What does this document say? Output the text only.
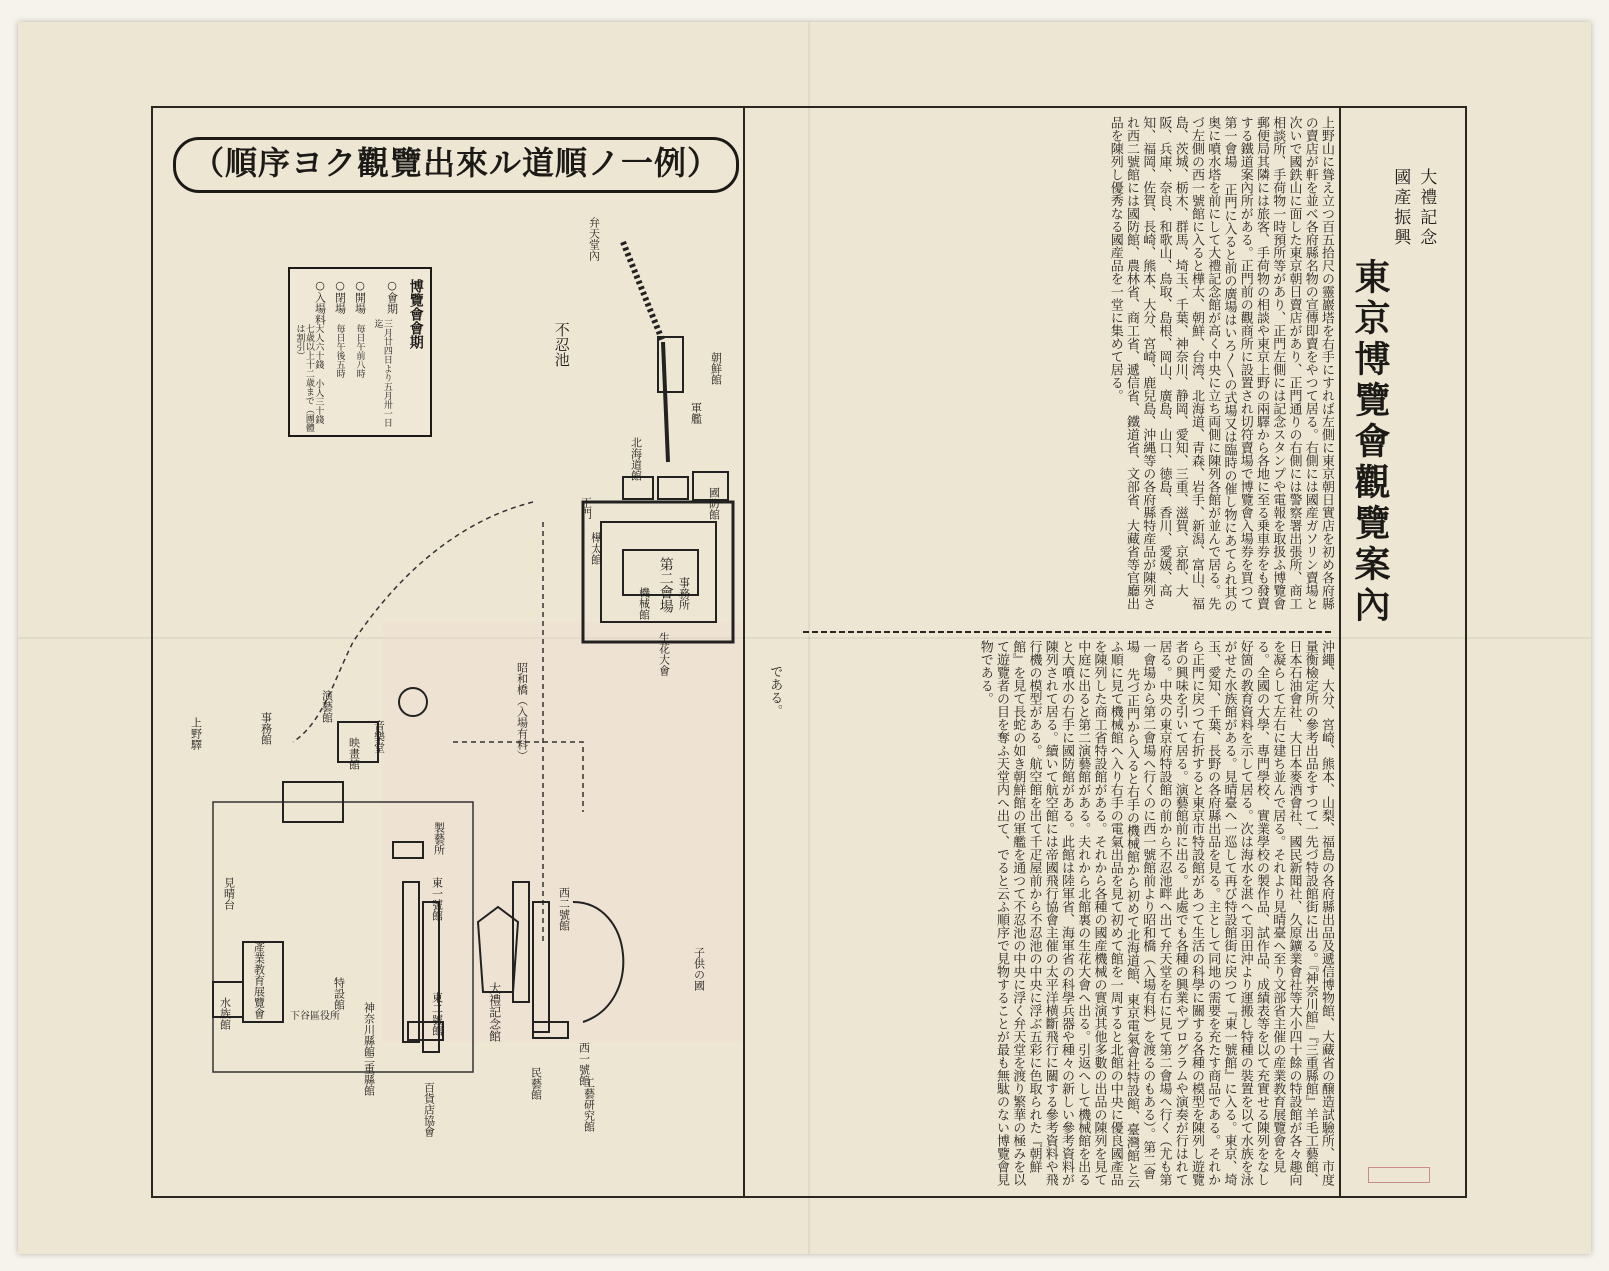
大禮記念
國產振興
東京博覽會觀覽案內
上野山に聳え立つ百五拾尺の靈巖塔を右手にすれば左側に東京朝日實店を初め各府縣の賣店が軒を並べ各府縣名物の宣傳即賣をやつて居る。右側には國産ガソリン賣場と次いで國鉄山に面した東京朝日賣店があり、正門通りの右側には警察署出張所、商工相談所、手荷物一時預所等があり、正門左側には記念スタンプや電報を取扱ふ博覽會郵便局其隣には旅客、手荷物の相談や東京上野の兩驛から各地に至る乗車券をも發賣する鐵道案內所がある。正門前の觀商所に設置され切符賣場で博覽會入場券を買つて 第一會場 正門に入ると前の廣場はいろ〳〵の式場又は臨時の催し物にあてられ其の奥に噴水塔を前にして大禮記念館が高く中央に立ち両側に陳列各館が並んで居る。先づ左側の西一號館に入ると樺太、朝鮮、台湾、北海道、青森、岩手、新潟、富山、福島、茨城、栃木、群馬、埼玉、千葉、神奈川、静岡、愛知、三重、滋賀、京都、大阪、兵庫、奈良、和歌山、鳥取、島根、岡山、廣島、山口、徳島、香川、愛媛、高知、福岡、佐賀、長崎、熊本、大分、宮崎、鹿兒島、沖縄等の各府縣特産品が陳列され西二號館には國防館、農林省、商工省、遞信省、鐵道省、文部省、大藏省等官廳出品を陳列し優秀なる國産品を一堂に集めて居る。
沖繩、大分、宮崎、熊本、山梨、福島の各府縣出品及遞信博物館、大藏省の醸造試驗所、市度量衡檢定所の參考出品をすつて一先づ特設館街に出る。『神奈川館』『三重縣館』羊毛工藝館、日本石油會社、大日本麥酒會社、國民新聞社、久原鑛業會社等大小四十餘の特設館が各々趣向を凝らして左右に建ち並んで居る。それより見晴臺へ至り文部省主催の産業教育展覽會を見る。全國の大學、專門學校、實業學校の製作品、試作品、成績表等を以て充實せる陳列をなし好箇の教育資料を示して居る。次は海水を湛へて羽田沖より運搬し特種の裝置を以て水族を泳がせた水族館がある。見晴臺へ一巡して再び特設館街に戻つて『東一號館』に入る。東京、埼玉、愛知、千葉、長野の各府縣出品を見る。主として同地の需要を充たす商品である。それから正門に戻つて右折すると東京市特設館があつて生活の科學に關する各種の模型を陳列し遊覽者の興味を引いて居る。演藝館前に出る。此處でも各種の興業やプログラムや演奏が行はれて居る。中央の東京府特設館の前から不忍池畔へ出て弁天堂を右に見て第二會場へ行く（尤も第一會場から第二會場へ行くのに西一號館前より昭和橋（入場有料）を渡るのもある）。第二會場 先づ正門から入ると右手の機械館から初めて北海道館、東京電氣會社特設館、臺灣館と云ふ順に見て機械館へ入り右手の電氣出品を見て初めて館を一周すると北館の中央に優良國產品を陳列した商工省特設館がある。それから各種の國産機械の實演其他多數の出品の陳列を見て中庭に出ると第二演藝館がある。夫れから北館裏の生花大會へ出る。引返へして機械館を出ると大噴水の右手に國防館がある。此館は陸軍省、海軍省の科學兵器や種々の新しい參考資料が陳列されて居る。續いて航空館には帝國飛行協會主催の太平洋横斷飛行に關する參考資料や飛行機の模型がある。航空館を出て千疋屋前から不忍池の中央に浮ぶ五彩に色取られた『朝鮮館』を見て長蛇の如き朝鮮館の軍艦を通つて不忍池の中央に浮く弁天堂を渡り繁華の極みを以て遊覽者の目を奪ふ天堂内へ出て、でると云ふ順序で見物することが最も無駄のない博覽會見物である。
（順序ヨク觀覽出來ル道順ノ一例）
博覽會會期
○會期
三月廿四日より五月卅一日迄
○開場
毎日午前八時
○閉場
毎日午後五時
○入場料
大人六十錢 小人三十錢 七歳以上十二歳まで（團體は割引）
弁天堂內
不忍池
朝鮮館
軍艦
北海道館
國防館
正門
樺太館
第二會場 事務所
機械館
生花大會
昭和橋（入場有料）
上野驛	事務館	音樂堂
映畫館
演藝館
見晴台
產業教育展覽會
水族館
東一號館
東二號館
西二號館
西一號館
大禮記念館
子供の國
製藝所
百貨店協會	民藝館	工藝研究館
神奈川縣館
三重縣館
特設館
下谷區役所
である。
